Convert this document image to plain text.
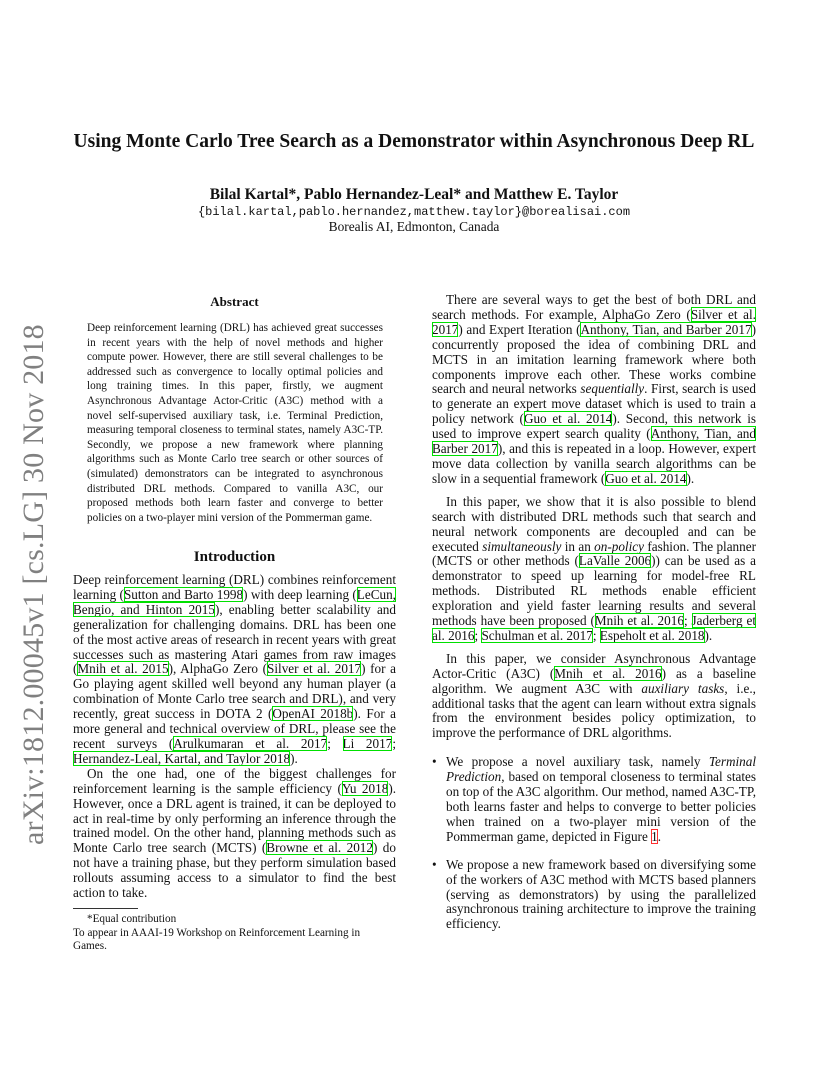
arXiv:1812.00045v1 [cs.LG] 30 Nov 2018
Using Monte Carlo Tree Search as a Demonstrator within Asynchronous Deep RL
Bilal Kartal*, Pablo Hernandez-Leal* and Matthew E. Taylor
{bilal.kartal,pablo.hernandez,matthew.taylor}@borealisai.com
Borealis AI, Edmonton, Canada
Abstract
Deep reinforcement learning (DRL) has achieved great successes in recent years with the help of novel methods and higher compute power. However, there are still several challenges to be addressed such as convergence to locally optimal policies and long training times. In this paper, firstly, we augment Asynchronous Advantage Actor-Critic (A3C) method with a novel self-supervised auxiliary task, i.e. Terminal Prediction, measuring temporal closeness to terminal states, namely A3C-TP. Secondly, we propose a new framework where planning algorithms such as Monte Carlo tree search or other sources of (simulated) demonstrators can be integrated to asynchronous distributed DRL methods. Compared to vanilla A3C, our proposed methods both learn faster and converge to better policies on a two-player mini version of the Pommerman game.
Introduction

Deep reinforcement learning (DRL) combines reinforcement learning (Sutton and Barto 1998) with deep learning (LeCun, Bengio, and Hinton 2015), enabling better scalability and generalization for challenging domains. DRL has been one of the most active areas of research in recent years with great successes such as mastering Atari games from raw images (Mnih et al. 2015), AlphaGo Zero (Silver et al. 2017) for a Go playing agent skilled well beyond any human player (a combination of Monte Carlo tree search and DRL), and very recently, great success in DOTA 2 (OpenAI 2018b). For a more general and technical overview of DRL, please see the recent surveys (Arulkumaran et al. 2017; Li 2017; Hernandez-Leal, Kartal, and Taylor 2018).

On the one had, one of the biggest challenges for reinforcement learning is the sample efficiency (Yu 2018). However, once a DRL agent is trained, it can be deployed to act in real-time by only performing an inference through the trained model. On the other hand, planning methods such as Monte Carlo tree search (MCTS) (Browne et al. 2012) do not have a training phase, but they perform simulation based rollouts assuming access to a simulator to find the best action to take.

*Equal contribution
To appear in AAAI-19 Workshop on Reinforcement Learning in Games.

There are several ways to get the best of both DRL and search methods. For example, AlphaGo Zero (Silver et al. 2017) and Expert Iteration (Anthony, Tian, and Barber 2017) concurrently proposed the idea of combining DRL and MCTS in an imitation learning framework where both components improve each other. These works combine search and neural networks sequentially. First, search is used to generate an expert move dataset which is used to train a policy network (Guo et al. 2014). Second, this network is used to improve expert search quality (Anthony, Tian, and Barber 2017), and this is repeated in a loop. However, expert move data collection by vanilla search algorithms can be slow in a sequential framework (Guo et al. 2014).

In this paper, we show that it is also possible to blend search with distributed DRL methods such that search and neural network components are decoupled and can be executed simultaneously in an on-policy fashion. The planner (MCTS or other methods (LaValle 2006)) can be used as a demonstrator to speed up learning for model-free RL methods. Distributed RL methods enable efficient exploration and yield faster learning results and several methods have been proposed (Mnih et al. 2016; Jaderberg et al. 2016; Schulman et al. 2017; Espeholt et al. 2018).

In this paper, we consider Asynchronous Advantage Actor-Critic (A3C) (Mnih et al. 2016) as a baseline algorithm. We augment A3C with auxiliary tasks, i.e., additional tasks that the agent can learn without extra signals from the environment besides policy optimization, to improve the performance of DRL algorithms.

• We propose a novel auxiliary task, namely Terminal Prediction, based on temporal closeness to terminal states on top of the A3C algorithm. Our method, named A3C-TP, both learns faster and helps to converge to better policies when trained on a two-player mini version of the Pommerman game, depicted in Figure 1.
• We propose a new framework based on diversifying some of the workers of A3C method with MCTS based planners (serving as demonstrators) by using the parallelized asynchronous training architecture to improve the training efficiency.
